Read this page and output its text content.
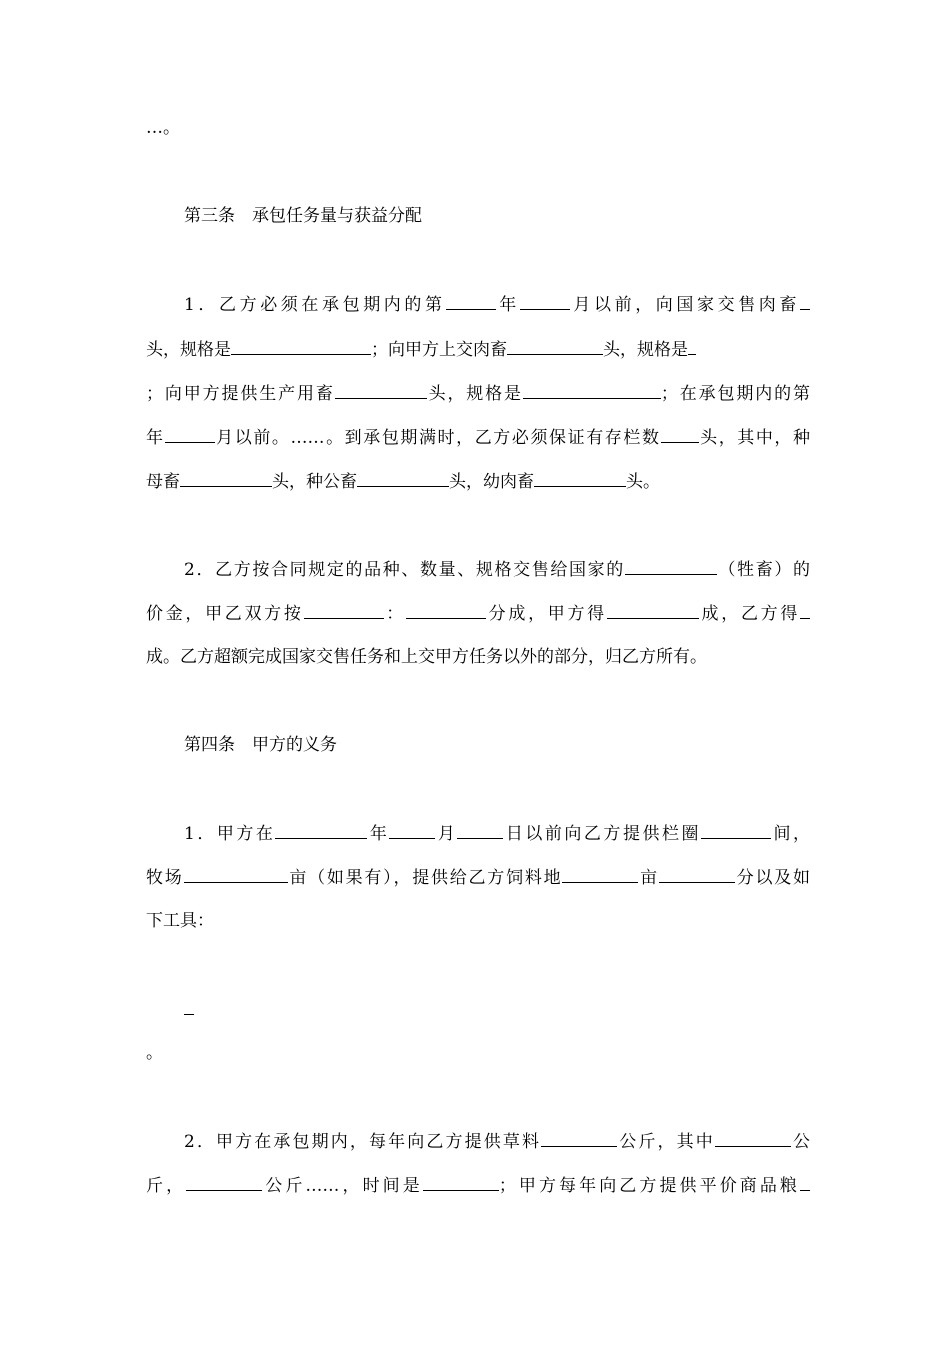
…。
第三条　承包任务量与获益分配
1．乙方必须在承包期内的第	年	月以前，向国家交售肉畜
头，规格是	；向甲方上交肉畜	头，规格是
；向甲方提供生产用畜	头，规格是	；在承包期内的第
年	月以前。……。到承包期满时，乙方必须保证有存栏数 头，其中，种
母畜	头，种公畜	头，幼肉畜	头。
2．乙方按合同规定的品种、数量、规格交售给国家的	（牲畜）的
价金，甲乙双方按	：	分成，甲方得	成，乙方得
成。乙方超额完成国家交售任务和上交甲方任务以外的部分，归乙方所有。
第四条　甲方的义务
1．甲方在	年	月	日以前向乙方提供栏圈	间，
牧场	亩（如果有），提供给乙方饲料地	亩	分以及如
下工具：
。
2．甲方在承包期内，每年向乙方提供草料	公斤，其中	公
斤，	公斤……，时间是	；甲方每年向乙方提供平价商品粮
